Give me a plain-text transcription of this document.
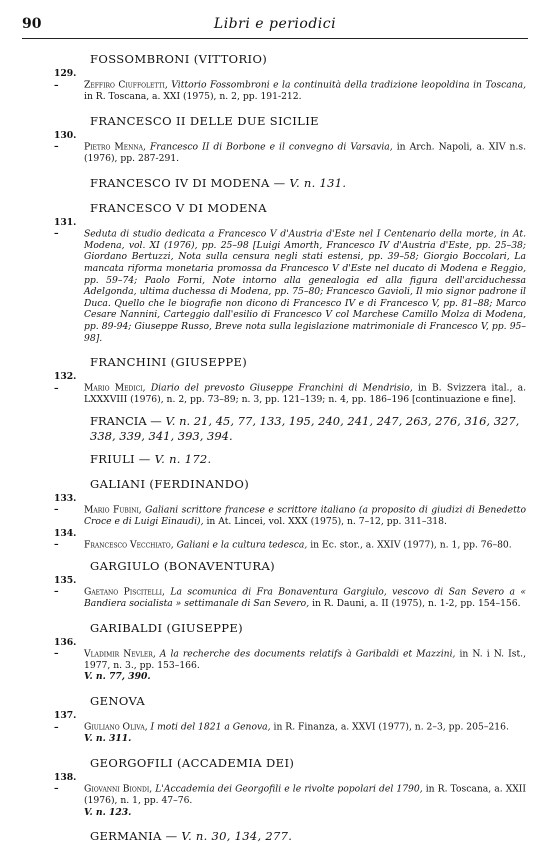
90	Libri e periodici
FOSSOMBRONI (VITTORIO)
129. –	Zeffiro Ciuffoletti, Vittorio Fossombroni e la continuità della tradizione leopoldina in Toscana, in R. Toscana, a. XXI (1975), n. 2, pp. 191-212.
FRANCESCO II DELLE DUE SICILIE
130. –	Pietro Menna, Francesco II di Borbone e il convegno di Varsavia, in Arch. Napoli, a. XIV n.s. (1976), pp. 287-291.
FRANCESCO IV DI MODENA — V. n. 131.
FRANCESCO V DI MODENA
131. –	Seduta di studio dedicata a Francesco V d'Austria d'Este nel I Centenario della morte, in At. Modena, vol. XI (1976), pp. 25–98 [Luigi Amorth, Francesco IV d'Austria d'Este, pp. 25–38; Giordano Bertuzzi, Nota sulla censura negli stati estensi, pp. 39–58; Giorgio Boccolari, La mancata riforma monetaria promossa da Francesco V d'Este nel ducato di Modena e Reggio, pp. 59–74; Paolo Forni, Note intorno alla genealogia ed alla figura dell'arciduchessa Adelgonda, ultima duchessa di Modena, pp. 75–80; Francesco Gavioli, Il mio signor padrone il Duca. Quello che le biografie non dicono di Francesco IV e di Francesco V, pp. 81–88; Marco Cesare Nannini, Carteggio dall'esilio di Francesco V col Marchese Camillo Molza di Modena, pp. 89-94; Giuseppe Russo, Breve nota sulla legislazione matrimoniale di Francesco V, pp. 95–98].
FRANCHINI (GIUSEPPE)
132. –	Mario Medici, Diario del prevosto Giuseppe Franchini di Mendrisio, in B. Svizzera ital., a. LXXXVIII (1976), n. 2, pp. 73–89; n. 3, pp. 121–139; n. 4, pp. 186–196 [continuazione e fine].
FRANCIA — V. n. 21, 45, 77, 133, 195, 240, 241, 247, 263, 276, 316, 327, 338, 339, 341, 393, 394.
FRIULI — V. n. 172.
GALIANI (FERDINANDO)
133. –	Mario Fubini, Galiani scrittore francese e scrittore italiano (a proposito di giudizi di Benedetto Croce e di Luigi Einaudi), in At. Lincei, vol. XXX (1975), n. 7–12, pp. 311–318.
134. –	Francesco Vecchiato, Galiani e la cultura tedesca, in Ec. stor., a. XXIV (1977), n. 1, pp. 76–80.
GARGIULO (BONAVENTURA)
135. –	Gaetano Piscitelli, La scomunica di Fra Bonaventura Gargiulo, vescovo di San Severo a « Bandiera socialista » settimanale di San Severo, in R. Dauni, a. II (1975), n. 1-2, pp. 154–156.
GARIBALDI (GIUSEPPE)
136. –	Vladimir Nevler, A la recherche des documents relatifs à Garibaldi et Mazzini, in N. i N. Ist., 1977, n. 3., pp. 153–166.
V. n. 77, 390.
GENOVA
137. –	Giuliano Oliva, I moti del 1821 a Genova, in R. Finanza, a. XXVI (1977), n. 2–3, pp. 205–216.
V. n. 311.
GEORGOFILI (ACCADEMIA DEI)
138. –	Giovanni Biondi, L'Accademia dei Georgofili e le rivolte popolari del 1790, in R. Toscana, a. XXII (1976), n. 1, pp. 47–76.
V. n. 123.
GERMANIA — V. n. 30, 134, 277.
